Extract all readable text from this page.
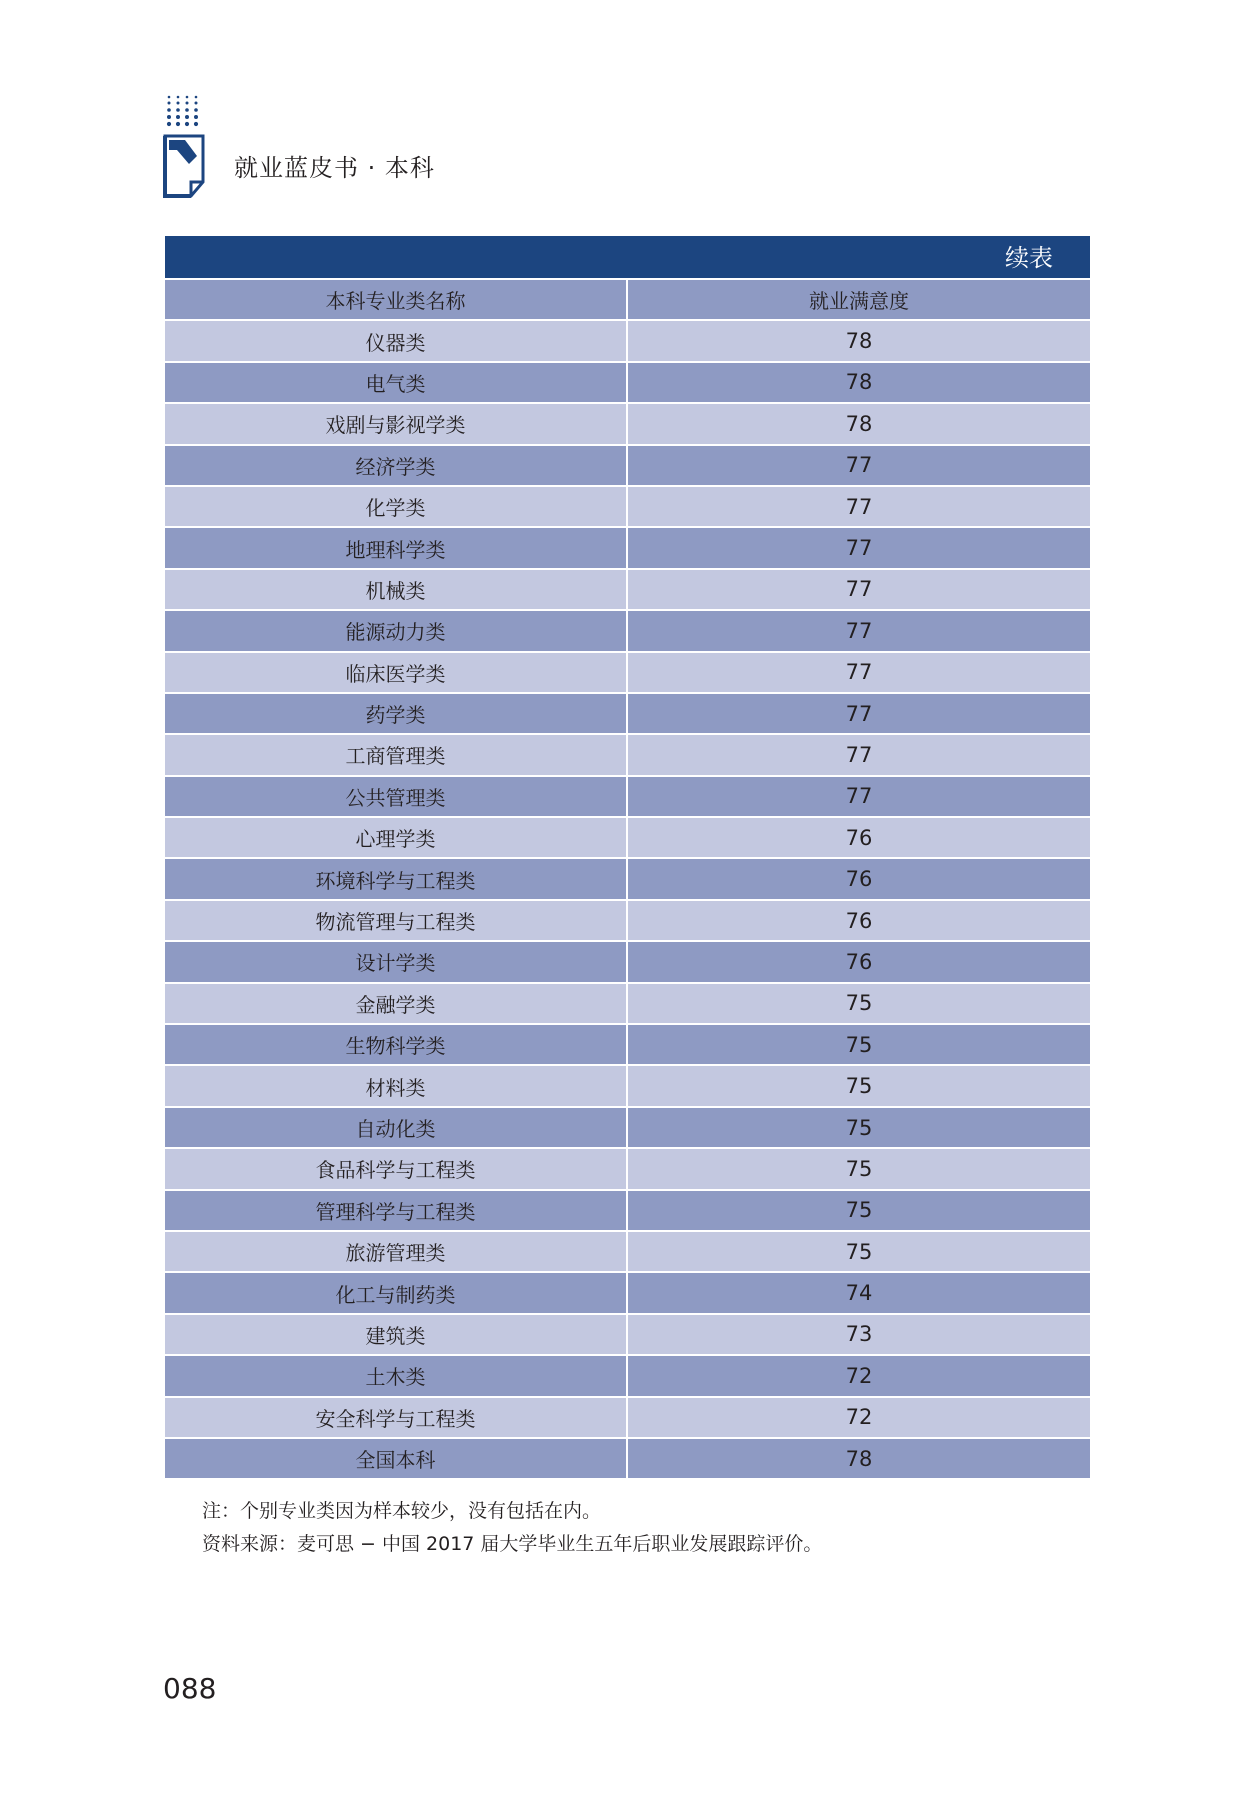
就业蓝皮书 · 本科
续表
本科专业类名称	就业满意度
仪器类	78
电气类	78
戏剧与影视学类	78
经济学类	77
化学类	77
地理科学类	77
机械类	77
能源动力类	77
临床医学类	77
药学类	77
工商管理类	77
公共管理类	77
心理学类	76
环境科学与工程类	76
物流管理与工程类	76
设计学类	76
金融学类	75
生物科学类	75
材料类	75
自动化类	75
食品科学与工程类	75
管理科学与工程类	75
旅游管理类	75
化工与制药类	74
建筑类	73
土木类	72
安全科学与工程类	72
全国本科	78
注：个别专业类因为样本较少，没有包括在内。
资料来源：麦可思 − 中国 2017 届大学毕业生五年后职业发展跟踪评价。
088
